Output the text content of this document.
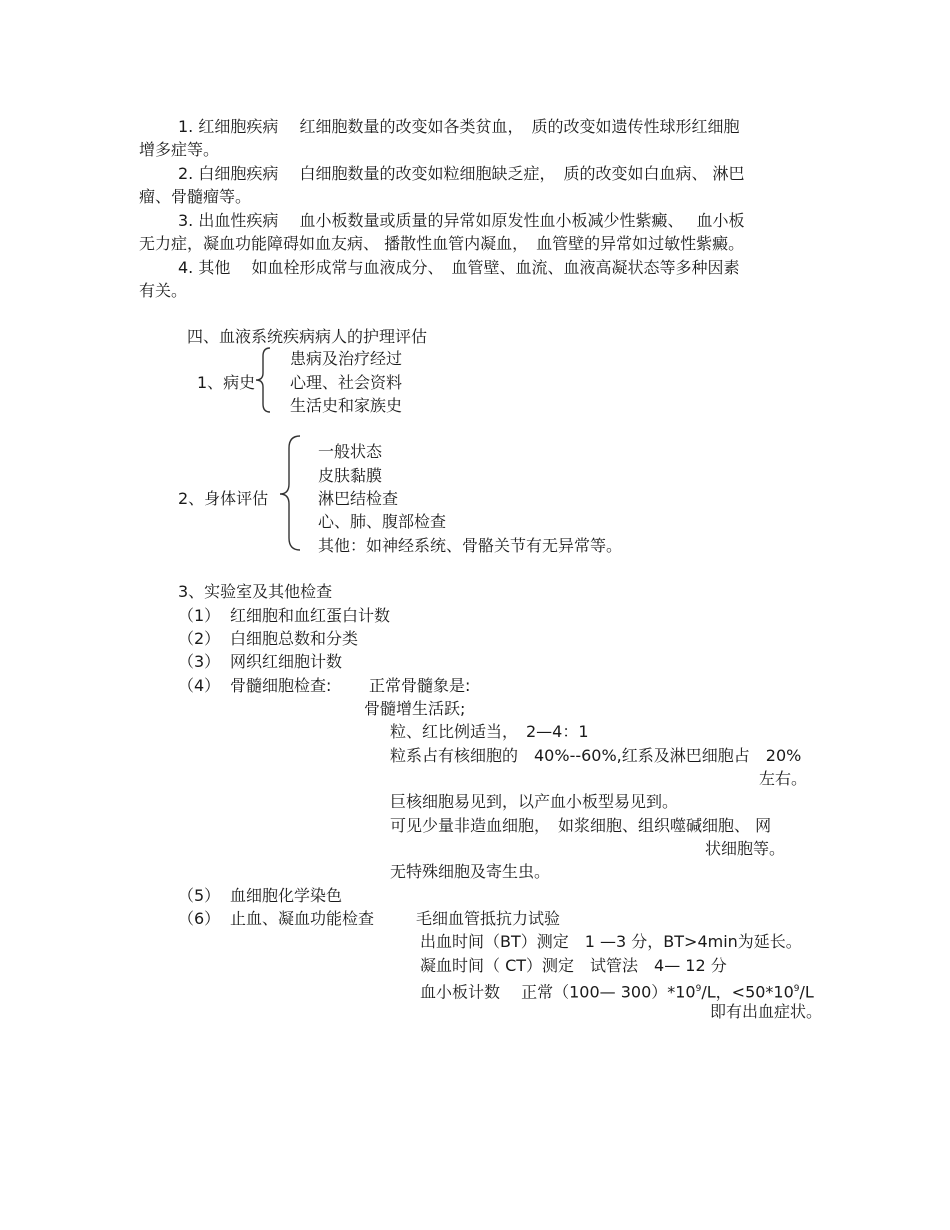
1. 红细胞疾病　 红细胞数量的改变如各类贫血，　质的改变如遗传性球形红细胞
增多症等。
2. 白细胞疾病　 白细胞数量的改变如粒细胞缺乏症，　质的改变如白血病、 淋巴
瘤、骨髓瘤等。
3. 出血性疾病　 血小板数量或质量的异常如原发性血小板减少性紫癜、　 血小板
无力症，凝血功能障碍如血友病、 播散性血管内凝血，　血管壁的异常如过敏性紫癜。
4. 其他　 如血栓形成常与血液成分、　血管壁、血流、血液高凝状态等多种因素
有关。
四、血液系统疾病病人的护理评估
1、病史
患病及治疗经过
心理、社会资料
生活史和家族史
2、身体评估
一般状态
皮肤黏膜
淋巴结检查
心、肺、腹部检查
其他：如神经系统、骨骼关节有无异常等。
3、实验室及其他检查
（1） 红细胞和血红蛋白计数
（2） 白细胞总数和分类
（3） 网织红细胞计数
（4） 骨髓细胞检查: 正常骨髓象是:
骨髓增生活跃;
粒、红比例适当，　2—4：1
粒系占有核细胞的　40%--60%,红系及淋巴细胞占　20%
左右。
巨核细胞易见到，以产血小板型易见到。
可见少量非造血细胞，　如浆细胞、组织噬碱细胞、 网
状细胞等。
无特殊细胞及寄生虫。
（5） 血细胞化学染色
（6） 止血、凝血功能检查	毛细血管抵抗力试验
出血时间（BT）测定　1 —3 分，BT>4min为延长。
凝血时间（ CT）测定　试管法　4— 12 分
血小板计数　 正常（100— $300)*10^9/L$，$<50*10^9/L$
即有出血症状。
